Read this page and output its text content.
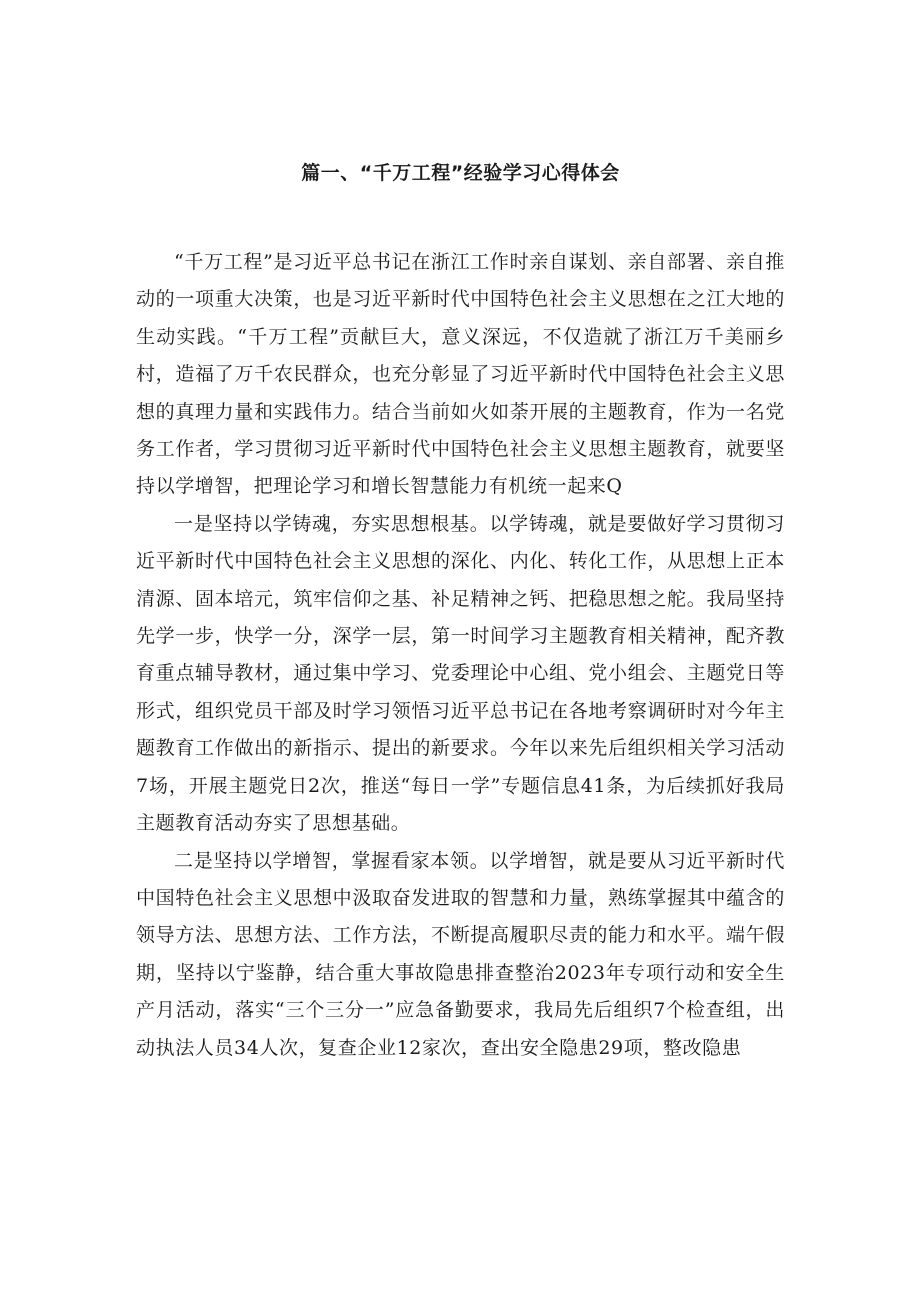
篇一、“千万工程”经验学习心得体会

“千万工程”是习近平总书记在浙江工作时亲自谋划、亲自部署、亲自推动的一项重大决策，也是习近平新时代中国特色社会主义思想在之江大地的生动实践。“千万工程”贡献巨大，意义深远，不仅造就了浙江万千美丽乡村，造福了万千农民群众，也充分彰显了习近平新时代中国特色社会主义思想的真理力量和实践伟力。结合当前如火如荼开展的主题教育，作为一名党务工作者，学习贯彻习近平新时代中国特色社会主义思想主题教育，就要坚持以学增智，把理论学习和增长智慧能力有机统一起来Q

一是坚持以学铸魂，夯实思想根基。以学铸魂，就是要做好学习贯彻习近平新时代中国特色社会主义思想的深化、内化、转化工作，从思想上正本清源、固本培元，筑牢信仰之基、补足精神之钙、把稳思想之舵。我局坚持先学一步，快学一分，深学一层，第一时间学习主题教育相关精神，配齐教育重点辅导教材，通过集中学习、党委理论中心组、党小组会、主题党日等形式，组织党员干部及时学习领悟习近平总书记在各地考察调研时对今年主题教育工作做出的新指示、提出的新要求。今年以来先后组织相关学习活动7场，开展主题党日2次，推送“每日一学”专题信息41条，为后续抓好我局主题教育活动夯实了思想基础。

二是坚持以学增智，掌握看家本领。以学增智，就是要从习近平新时代中国特色社会主义思想中汲取奋发进取的智慧和力量，熟练掌握其中蕴含的领导方法、思想方法、工作方法，不断提高履职尽责的能力和水平。端午假期，坚持以宁鉴静，结合重大事故隐患排查整治2023年专项行动和安全生产月活动，落实“三个三分一”应急备勤要求，我局先后组织7个检查组，出动执法人员34人次，复查企业12家次，查出安全隐患29项，整改隐患
